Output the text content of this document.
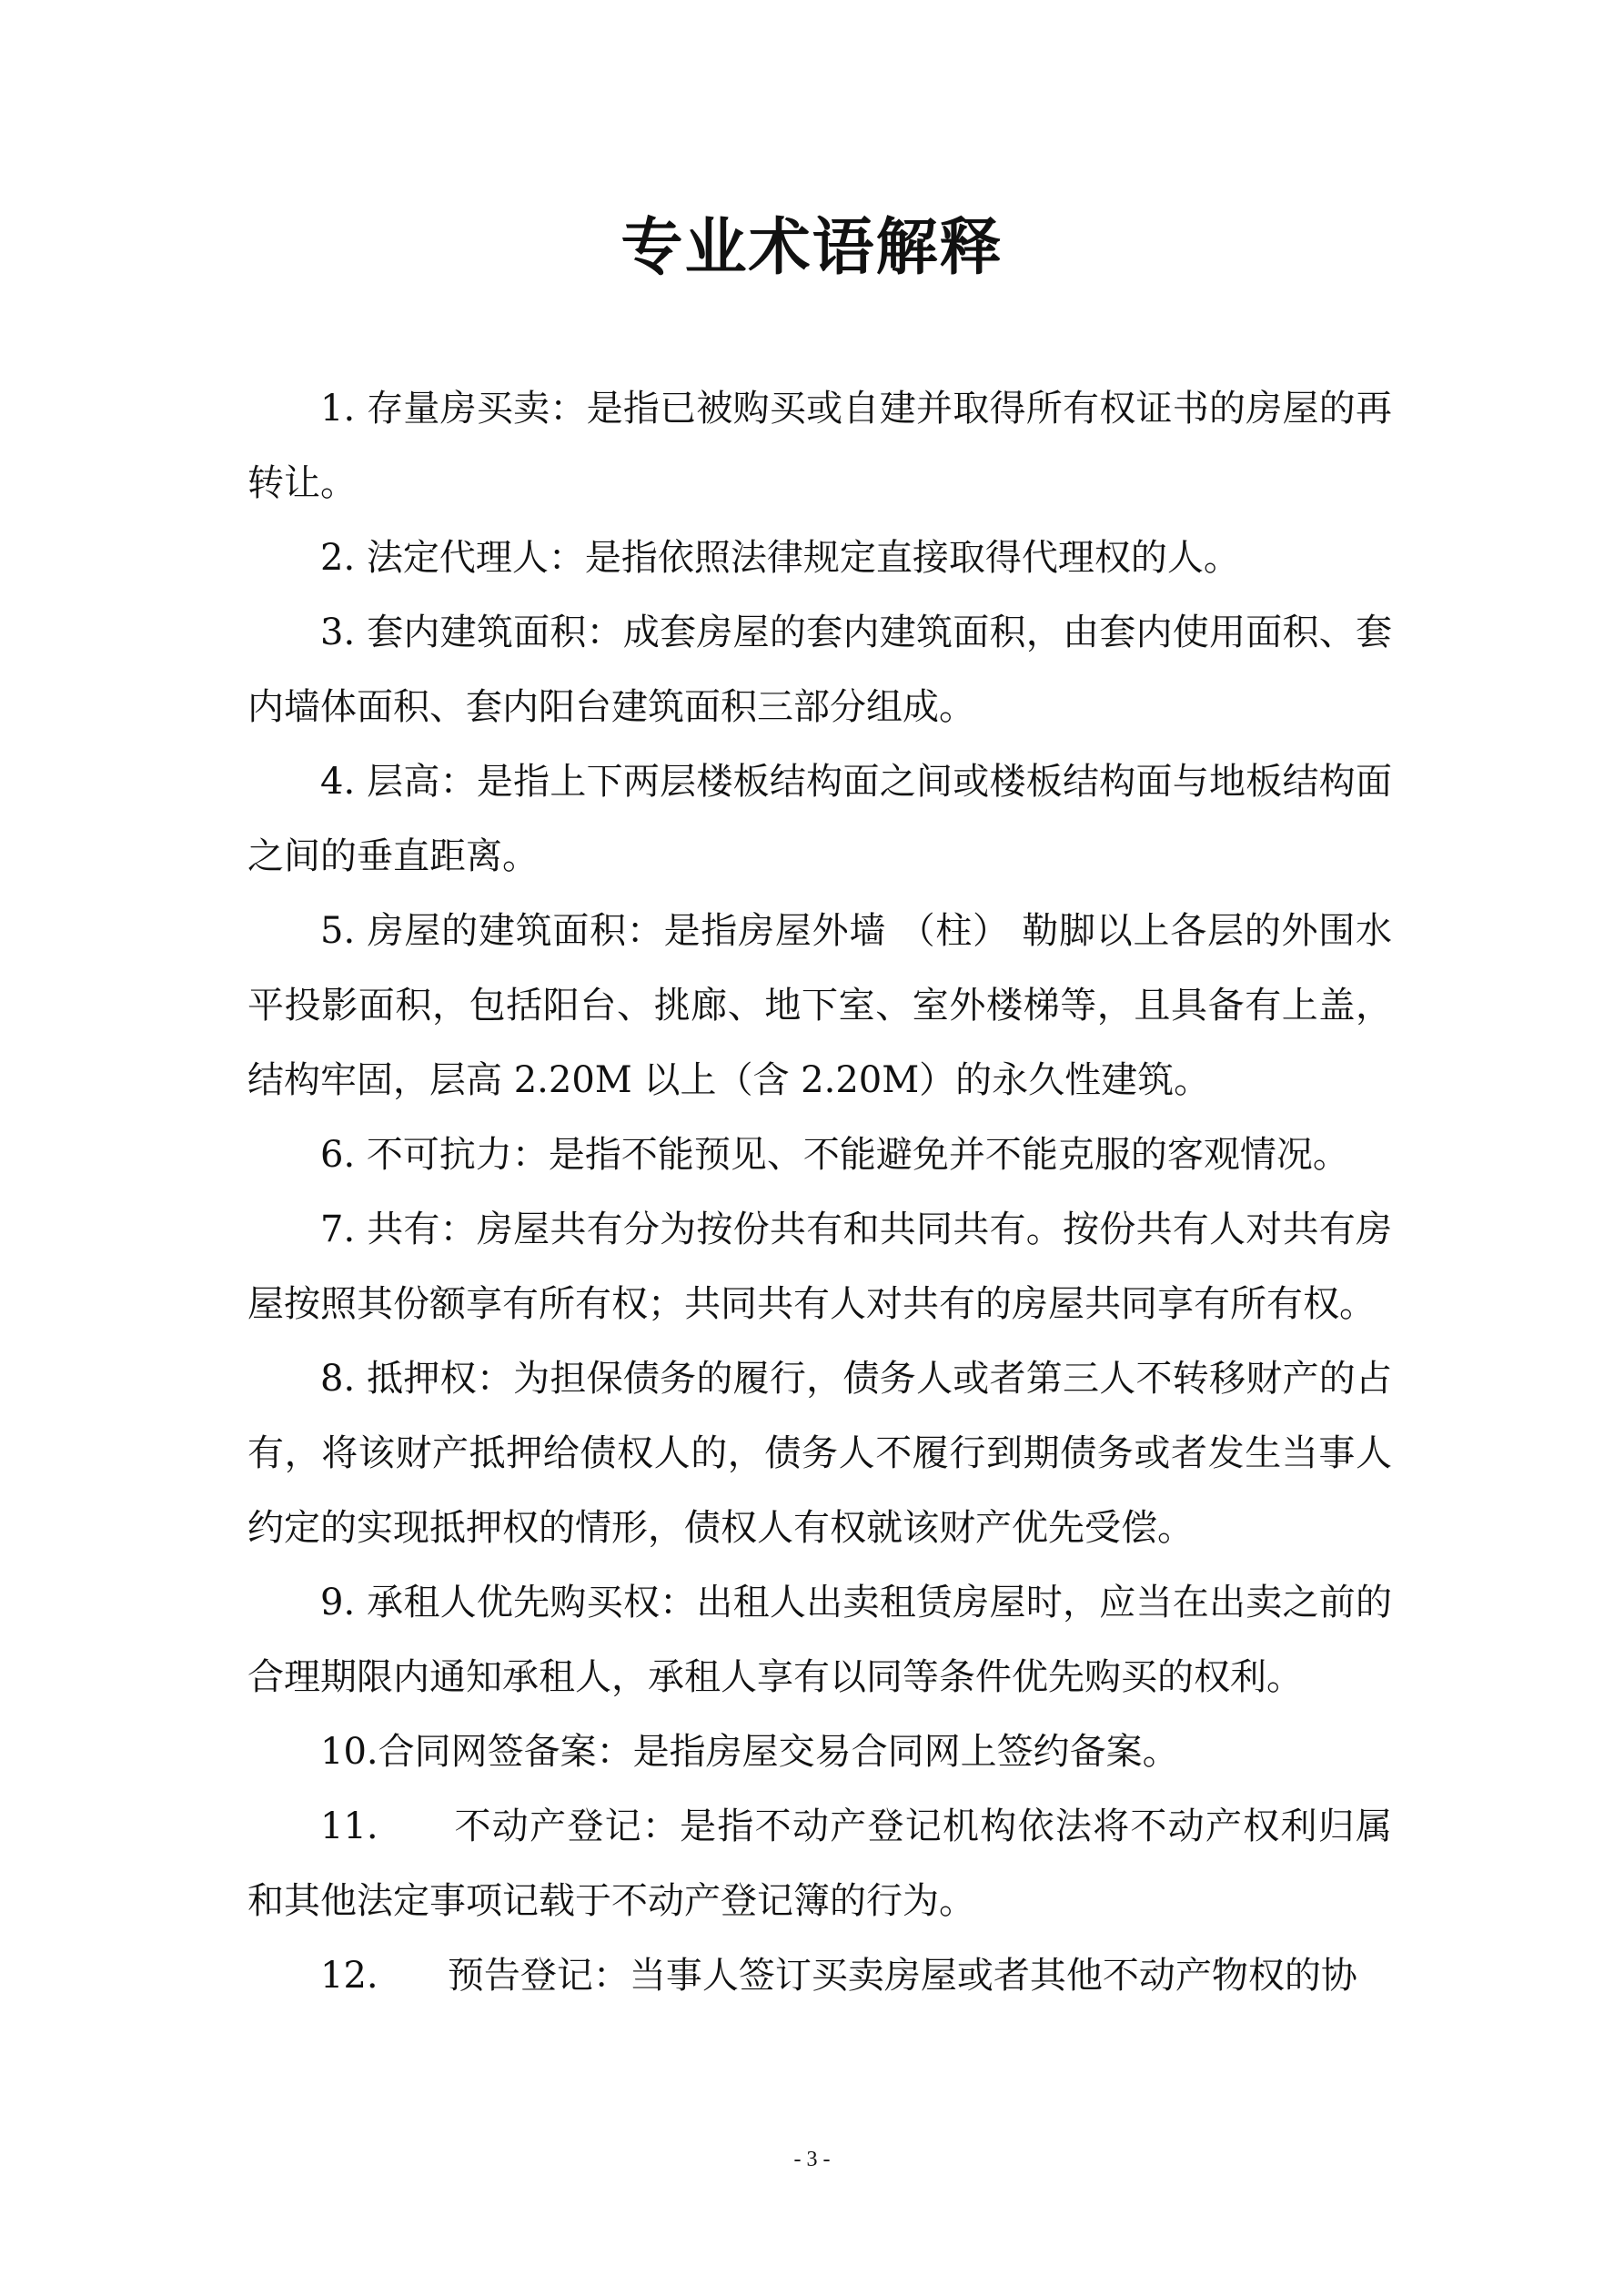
专业术语解释

1. 存量房买卖：是指已被购买或自建并取得所有权证书的房屋的再转让。

2. 法定代理人：是指依照法律规定直接取得代理权的人。

3. 套内建筑面积：成套房屋的套内建筑面积，由套内使用面积、套内墙体面积、套内阳台建筑面积三部分组成。

4. 层高：是指上下两层楼板结构面之间或楼板结构面与地板结构面之间的垂直距离。

5. 房屋的建筑面积：是指房屋外墙 （柱） 勒脚以上各层的外围水平投影面积，包括阳台、挑廊、地下室、室外楼梯等，且具备有上盖，结构牢固，层高 2.20M 以上（含 2.20M）的永久性建筑。

6. 不可抗力：是指不能预见、不能避免并不能克服的客观情况。

7. 共有：房屋共有分为按份共有和共同共有。按份共有人对共有房屋按照其份额享有所有权；共同共有人对共有的房屋共同享有所有权。

8. 抵押权：为担保债务的履行，债务人或者第三人不转移财产的占有，将该财产抵押给债权人的，债务人不履行到期债务或者发生当事人约定的实现抵押权的情形，债权人有权就该财产优先受偿。

9. 承租人优先购买权：出租人出卖租赁房屋时，应当在出卖之前的合理期限内通知承租人，承租人享有以同等条件优先购买的权利。

10.合同网签备案：是指房屋交易合同网上签约备案。

11. 不动产登记：是指不动产登记机构依法将不动产权利归属和其他法定事项记载于不动产登记簿的行为。

12. 预告登记：当事人签订买卖房屋或者其他不动产物权的协

- 3 -
